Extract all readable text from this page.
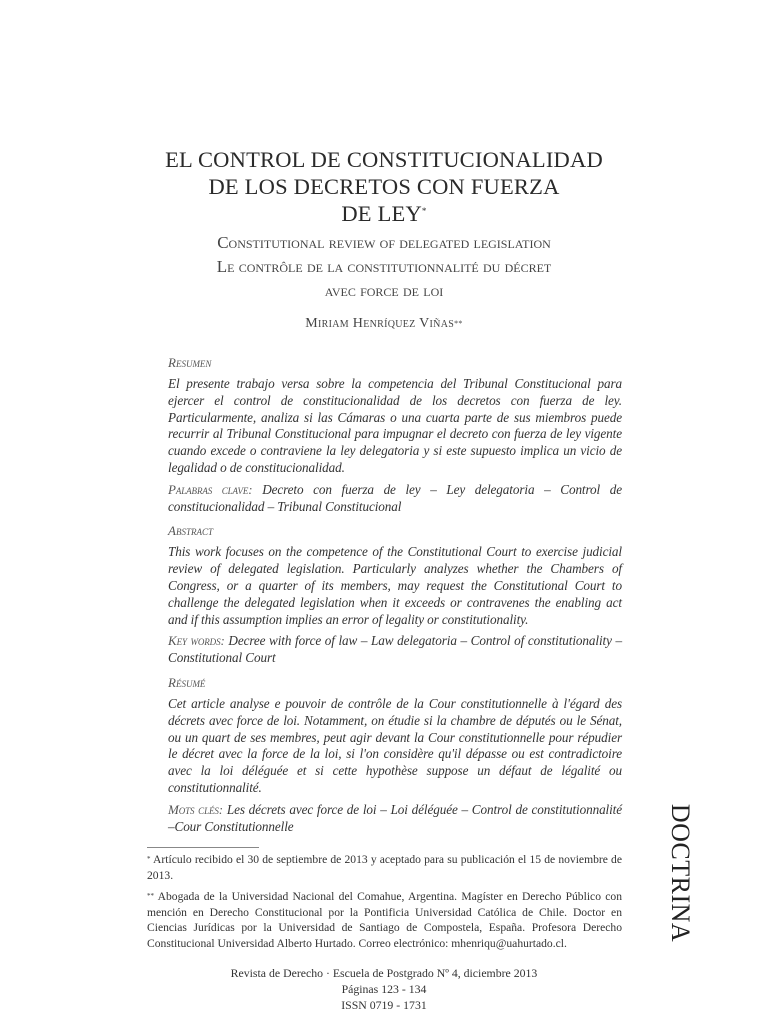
EL CONTROL DE CONSTITUCIONALIDAD
DE LOS DECRETOS CON FUERZA
DE LEY*
Constitutional review of delegated legislation
Le contrôle de la constitutionnalité du décret
avec force de loi
Miriam Henríquez Viñas**
Resumen
El presente trabajo versa sobre la competencia del Tribunal Constitucional para ejercer el control de constitucionalidad de los decretos con fuerza de ley. Particularmente, analiza si las Cámaras o una cuarta parte de sus miembros puede recurrir al Tribunal Constitucional para impugnar el decreto con fuerza de ley vigente cuando excede o contraviene la ley delegatoria y si este supuesto implica un vicio de legalidad o de constitucionalidad.
Palabras clave: Decreto con fuerza de ley – Ley delegatoria – Control de constitucionalidad – Tribunal Constitucional
Abstract
This work focuses on the competence of the Constitutional Court to exercise judicial review of delegated legislation. Particularly analyzes whether the Chambers of Congress, or a quarter of its members, may request the Constitutional Court to challenge the delegated legislation when it exceeds or contravenes the enabling act and if this assumption implies an error of legality or constitutionality.
Key words: Decree with force of law – Law delegatoria – Control of constitutionality – Constitutional Court
Résumé
Cet article analyse e pouvoir de contrôle de la Cour constitutionnelle à l'égard des décrets avec force de loi. Notamment, on étudie si la chambre de députés ou le Sénat, ou un quart de ses membres, peut agir devant la Cour constitutionnelle pour répudier le décret avec la force de la loi, si l'on considère qu'il dépasse ou est contradictoire avec la loi déléguée et si cette hypothèse suppose un défaut de légalité ou constitutionnalité.
Mots clés: Les décrets avec force de loi – Loi déléguée – Control de constitutionnalité –Cour Constitutionnelle
* Artículo recibido el 30 de septiembre de 2013 y aceptado para su publicación el 15 de noviembre de 2013.
** Abogada de la Universidad Nacional del Comahue, Argentina. Magíster en Derecho Público con mención en Derecho Constitucional por la Pontificia Universidad Católica de Chile. Doctor en Ciencias Jurídicas por la Universidad de Santiago de Compostela, España. Profesora Derecho Constitucional Universidad Alberto Hurtado. Correo electrónico: mhenriqu@uahurtado.cl.
Revista de Derecho · Escuela de Postgrado Nº 4, diciembre 2013
Páginas 123 - 134
ISSN 0719 - 1731
DOCTRINA
